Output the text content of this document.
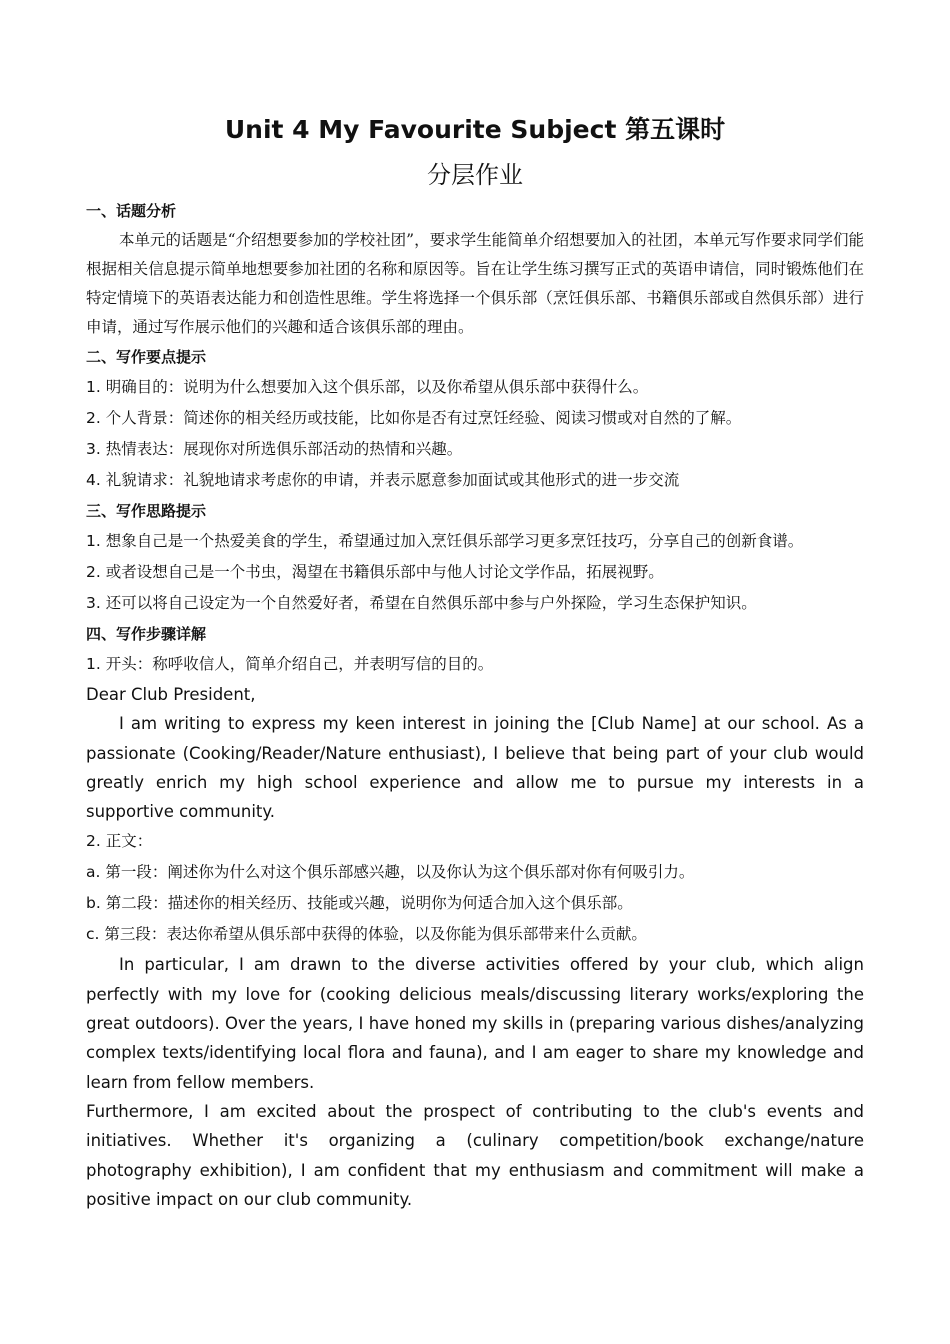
Unit 4 My Favourite Subject 第五课时
分层作业
一、话题分析

本单元的话题是“介绍想要参加的学校社团”，要求学生能简单介绍想要加入的社团，本单元写作要求同学们能根据相关信息提示简单地想要参加社团的名称和原因等。旨在让学生练习撰写正式的英语申请信，同时锻炼他们在特定情境下的英语表达能力和创造性思维。学生将选择一个俱乐部（烹饪俱乐部、书籍俱乐部或自然俱乐部）进行申请，通过写作展示他们的兴趣和适合该俱乐部的理由。

二、写作要点提示
1. 明确目的：说明为什么想要加入这个俱乐部，以及你希望从俱乐部中获得什么。
2. 个人背景：简述你的相关经历或技能，比如你是否有过烹饪经验、阅读习惯或对自然的了解。
3. 热情表达：展现你对所选俱乐部活动的热情和兴趣。
4. 礼貌请求：礼貌地请求考虑你的申请，并表示愿意参加面试或其他形式的进一步交流
三、写作思路提示
1. 想象自己是一个热爱美食的学生，希望通过加入烹饪俱乐部学习更多烹饪技巧，分享自己的创新食谱。
2. 或者设想自己是一个书虫，渴望在书籍俱乐部中与他人讨论文学作品，拓展视野。
3. 还可以将自己设定为一个自然爱好者，希望在自然俱乐部中参与户外探险，学习生态保护知识。
四、写作步骤详解
1. 开头：称呼收信人，简单介绍自己，并表明写信的目的。

Dear Club President,

I am writing to express my keen interest in joining the [Club Name] at our school. As a passionate (Cooking/Reader/Nature enthusiast), I believe that being part of your club would greatly enrich my high school experience and allow me to pursue my interests in a supportive community.

2. 正文：
a. 第一段：阐述你为什么对这个俱乐部感兴趣，以及你认为这个俱乐部对你有何吸引力。
b. 第二段：描述你的相关经历、技能或兴趣，说明你为何适合加入这个俱乐部。
c. 第三段：表达你希望从俱乐部中获得的体验，以及你能为俱乐部带来什么贡献。

In particular, I am drawn to the diverse activities offered by your club, which align perfectly with my love for (cooking delicious meals/discussing literary works/exploring the great outdoors). Over the years, I have honed my skills in (preparing various dishes/analyzing complex texts/identifying local flora and fauna), and I am eager to share my knowledge and learn from fellow members.

Furthermore, I am excited about the prospect of contributing to the club's events and initiatives. Whether it's organizing a (culinary competition/book exchange/nature photography exhibition), I am confident that my enthusiasm and commitment will make a positive impact on our club community.
